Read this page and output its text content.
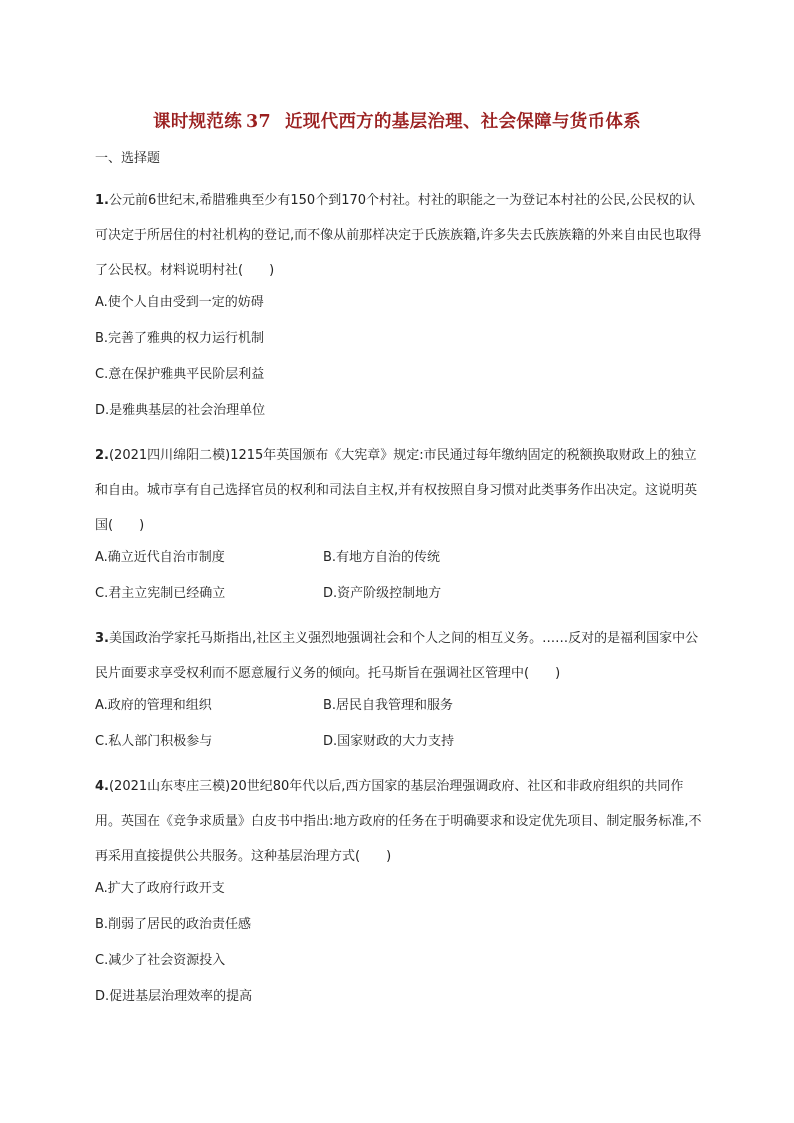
课时规范练 37 近现代西方的基层治理、社会保障与货币体系
一、选择题

1.公元前6世纪末,希腊雅典至少有150个到170个村社。村社的职能之一为登记本村社的公民,公民权的认可决定于所居住的村社机构的登记,而不像从前那样决定于氏族族籍,许多失去氏族族籍的外来自由民也取得了公民权。材料说明村社(　　)

A.使个人自由受到一定的妨碍
B.完善了雅典的权力运行机制
C.意在保护雅典平民阶层利益
D.是雅典基层的社会治理单位

2.(2021四川绵阳二模)1215年英国颁布《大宪章》规定:市民通过每年缴纳固定的税额换取财政上的独立和自由。城市享有自己选择官员的权利和司法自主权,并有权按照自身习惯对此类事务作出决定。这说明英国(　　)

A.确立近代自治市制度	B.有地方自治的传统
C.君主立宪制已经确立	D.资产阶级控制地方

3.美国政治学家托马斯指出,社区主义强烈地强调社会和个人之间的相互义务。……反对的是福利国家中公民片面要求享受权利而不愿意履行义务的倾向。托马斯旨在强调社区管理中(　　)

A.政府的管理和组织	B.居民自我管理和服务
C.私人部门积极参与	D.国家财政的大力支持

4.(2021山东枣庄三模)20世纪80年代以后,西方国家的基层治理强调政府、社区和非政府组织的共同作用。英国在《竞争求质量》白皮书中指出:地方政府的任务在于明确要求和设定优先项目、制定服务标准,不再采用直接提供公共服务。这种基层治理方式(　　)

A.扩大了政府行政开支
B.削弱了居民的政治责任感
C.减少了社会资源投入
D.促进基层治理效率的提高
